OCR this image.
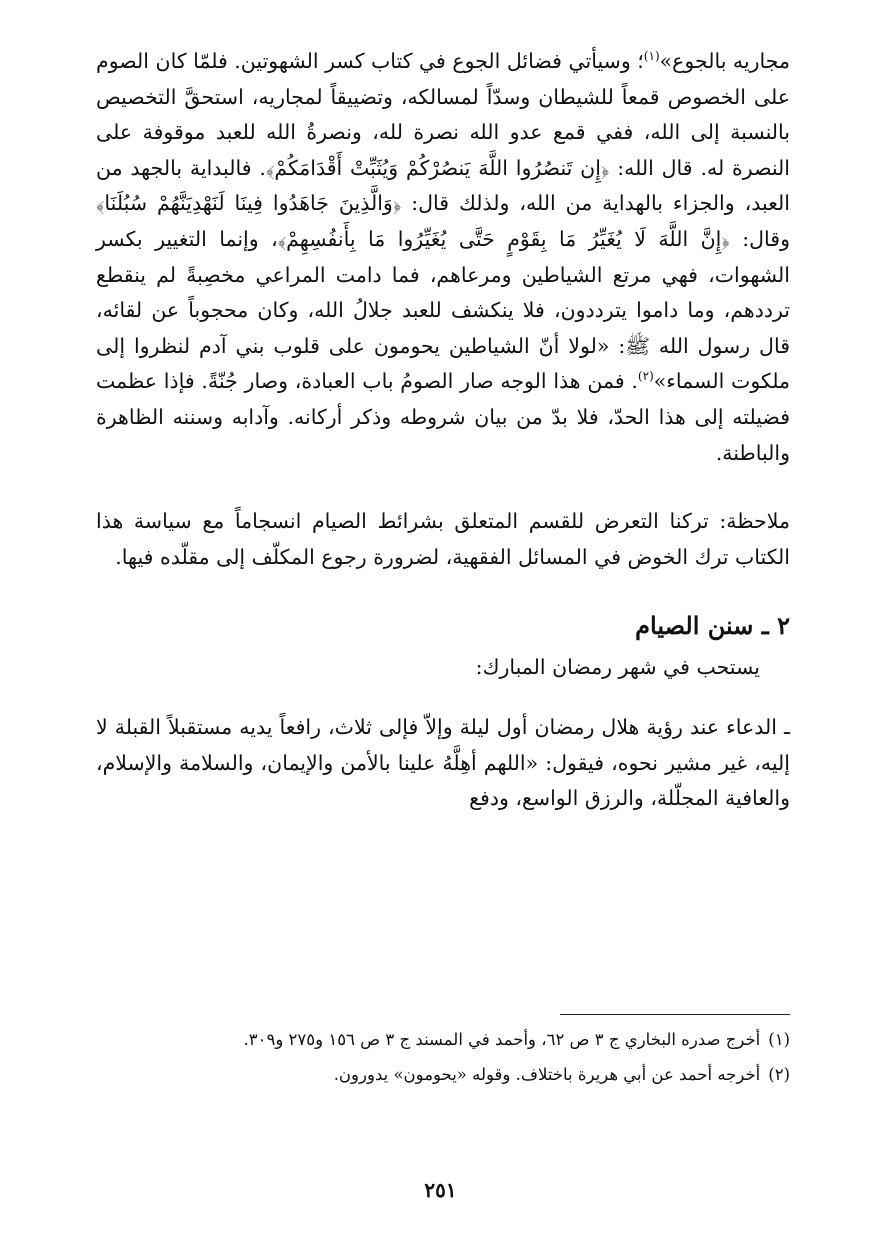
مجاريه بالجوع»$^{(١)}$؛ وسيأتي فضائل الجوع في كتاب كسر الشهوتين. فلمّا كان الصوم على الخصوص قمعاً للشيطان وسدّاً لمسالكه، وتضييقاً لمجاريه، استحقَّ التخصيص بالنسبة إلى الله، ففي قمع عدو الله نصرة لله، ونصرةُ الله للعبد موقوفة على النصرة له. قال الله: ﴿إِن تَنصُرُوا اللَّهَ يَنصُرْكُمْ وَيُثَبِّتْ أَقْدَامَكُمْ﴾. فالبداية بالجهد من العبد، والجزاء بالهداية من الله، ولذلك قال: ﴿وَالَّذِينَ جَاهَدُوا فِينَا لَنَهْدِيَنَّهُمْ سُبُلَنَا﴾ وقال: ﴿إِنَّ اللَّهَ لَا يُغَيِّرُ مَا بِقَوْمٍ حَتَّى يُغَيِّرُوا مَا بِأَنفُسِهِمْ﴾، وإنما التغيير بكسر الشهوات، فهي مرتع الشياطين ومرعاهم، فما دامت المراعي مخصِبةً لم ينقطع ترددهم، وما داموا يترددون، فلا ينكشف للعبد جلالُ الله، وكان محجوباً عن لقائه، قال رسول الله ﷺ: «لولا أنّ الشياطين يحومون على قلوب بني آدم لنظروا إلى ملكوت السماء»$^{(٢)}$. فمن هذا الوجه صار الصومُ باب العبادة، وصار جُنّةً. فإذا عظمت فضيلته إلى هذا الحدّ، فلا بدّ من بيان شروطه وذكر أركانه. وآدابه وسننه الظاهرة والباطنة.

ملاحظة: تركنا التعرض للقسم المتعلق بشرائط الصيام انسجاماً مع سياسة هذا الكتاب ترك الخوض في المسائل الفقهية، لضرورة رجوع المكلّف إلى مقلّده فيها.

٢ ـ سنن الصيام

يستحب في شهر رمضان المبارك:

ـ الدعاء عند رؤية هلال رمضان أول ليلة وإلاّ فإلى ثلاث، رافعاً يديه مستقبلاً القبلة لا إليه، غير مشير نحوه، فيقول: «اللهم أهِلَّهُ علينا بالأمن والإيمان، والسلامة والإسلام، والعافية المجلّلة، والرزق الواسع، ودفع

(١)أخرج صدره البخاري ج ٣ ص ٦٢، وأحمد في المسند ج ٣ ص ١٥٦ و٢٧٥ و٣٠٩.

(٢)أخرجه أحمد عن أبي هريرة باختلاف. وقوله «يحومون» يدورون.

٢٥١
